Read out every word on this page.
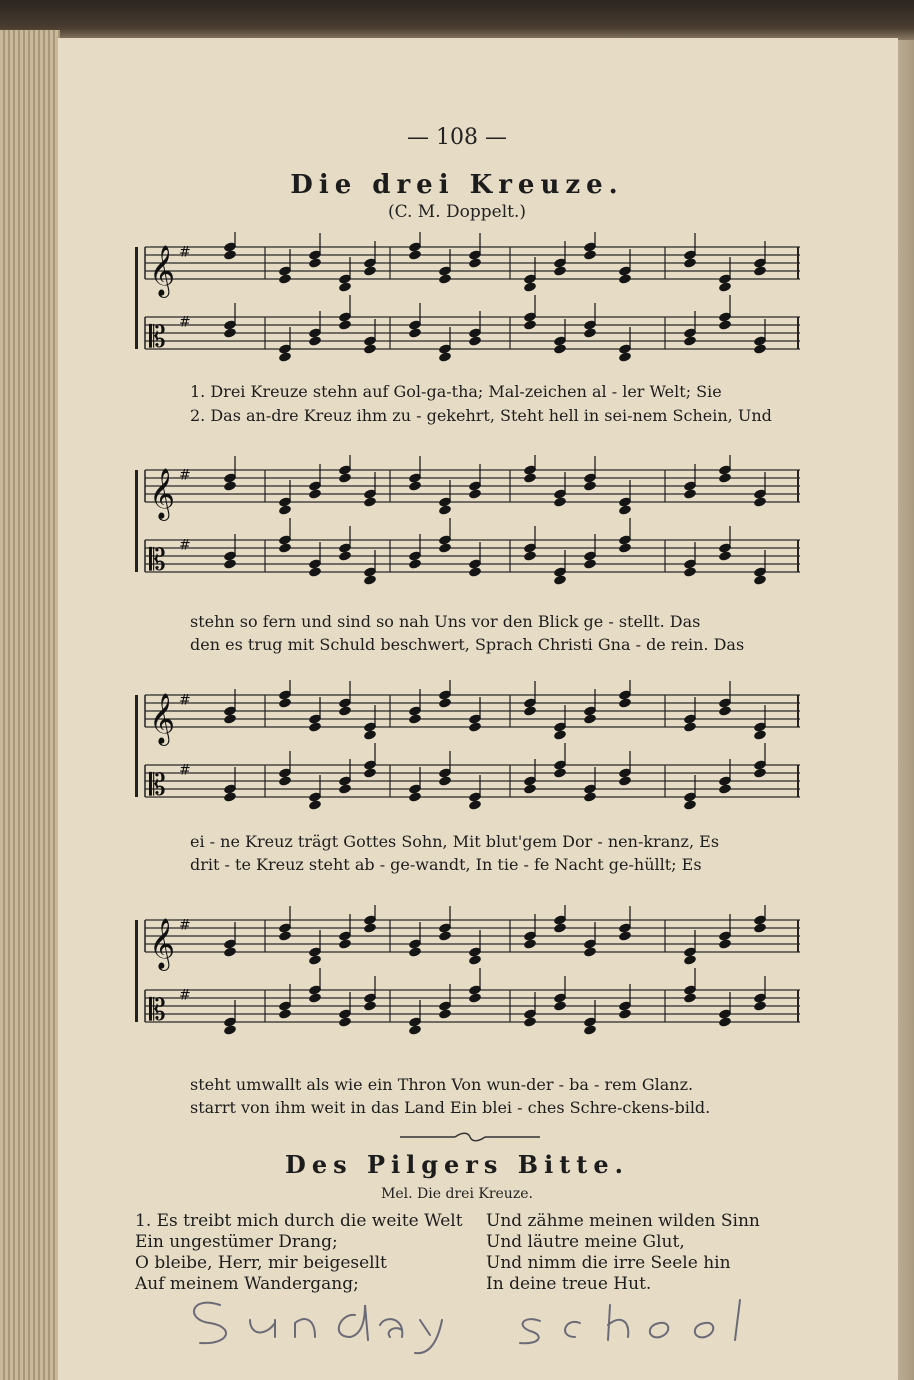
— 108 —
Die drei Kreuze.
(C. M. Doppelt.)
𝄞 #
𝄡 #
1. Drei Kreuze stehn auf Gol-ga-tha; Mal-zeichen al - ler Welt; Sie
2. Das an-dre Kreuz ihm zu - gekehrt, Steht hell in sei-nem Schein, Und
𝄞 #
𝄡 #
stehn so fern und sind so nah Uns vor den Blick ge - stellt. Das
den es trug mit Schuld beschwert, Sprach Christi Gna - de rein. Das
𝄞 #
𝄡 #
ei - ne Kreuz trägt Gottes Sohn, Mit blut'gem Dor - nen-kranz, Es
drit - te Kreuz steht ab - ge-wandt, In tie - fe Nacht ge-hüllt; Es
𝄞 #
𝄡 #
steht umwallt als wie ein Thron Von wun-der - ba - rem Glanz.
starrt von ihm weit in das Land Ein blei - ches Schre-ckens-bild.
Des Pilgers Bitte.
Mel. Die drei Kreuze.
1. Es treibt mich durch die weite Welt
Ein ungestümer Drang;
O bleibe, Herr, mir beigesellt
Auf meinem Wandergang;
Und zähme meinen wilden Sinn
Und läutre meine Glut,
Und nimm die irre Seele hin
In deine treue Hut.
